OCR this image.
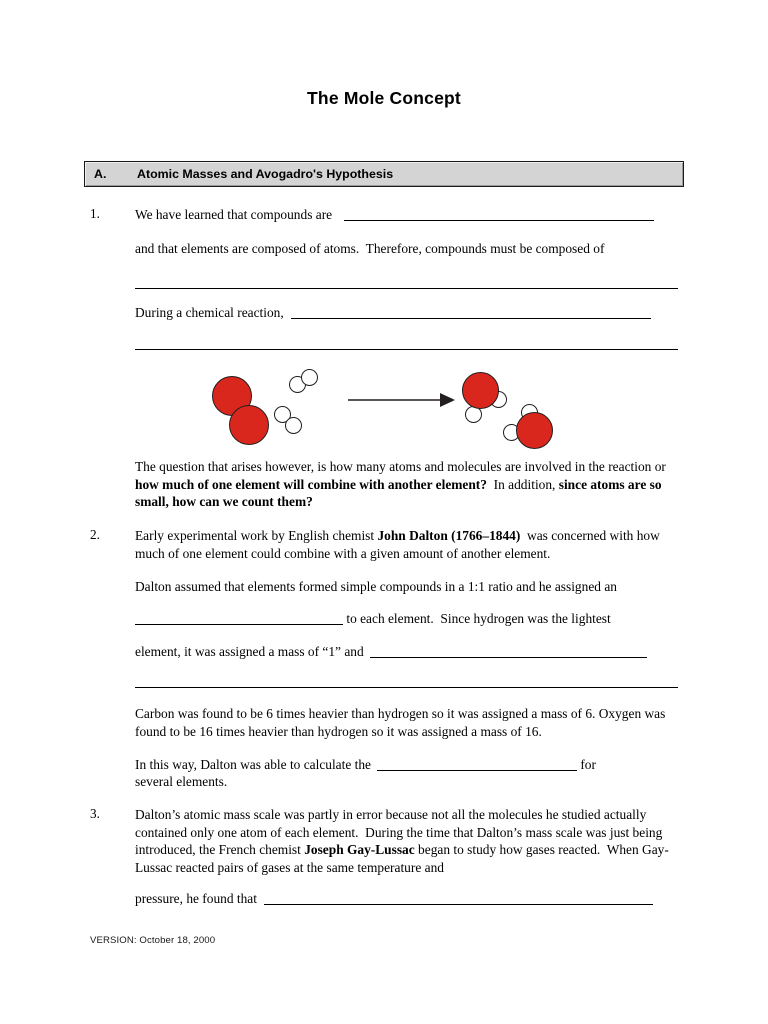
The Mole Concept
A. Atomic Masses and Avogadro's Hypothesis
1.	We have learned that compounds are
and that elements are composed of atoms.  Therefore, compounds must be composed of
During a chemical reaction,
The question that arises however, is how many atoms and molecules are involved in the reaction or how much of one element will combine with another element?  In addition, since atoms are so small, how can we count them?
2.	Early experimental work by English chemist John Dalton (1766–1844)  was concerned with how much of one element could combine with a given amount of another element.
Dalton assumed that elements formed simple compounds in a 1:1 ratio and he assigned an
to each element.  Since hydrogen was the lightest
element, it was assigned a mass of “1” and
Carbon was found to be 6 times heavier than hydrogen so it was assigned a mass of 6. Oxygen was found to be 16 times heavier than hydrogen so it was assigned a mass of 16.
In this way, Dalton was able to calculate the	for
several elements.
3.	Dalton’s atomic mass scale was partly in error because not all the molecules he studied actually contained only one atom of each element.  During the time that Dalton’s mass scale was just being introduced, the French chemist Joseph Gay-Lussac began to study how gases reacted.  When Gay-Lussac reacted pairs of gases at the same temperature and
pressure, he found that
VERSION: October 18, 2000
